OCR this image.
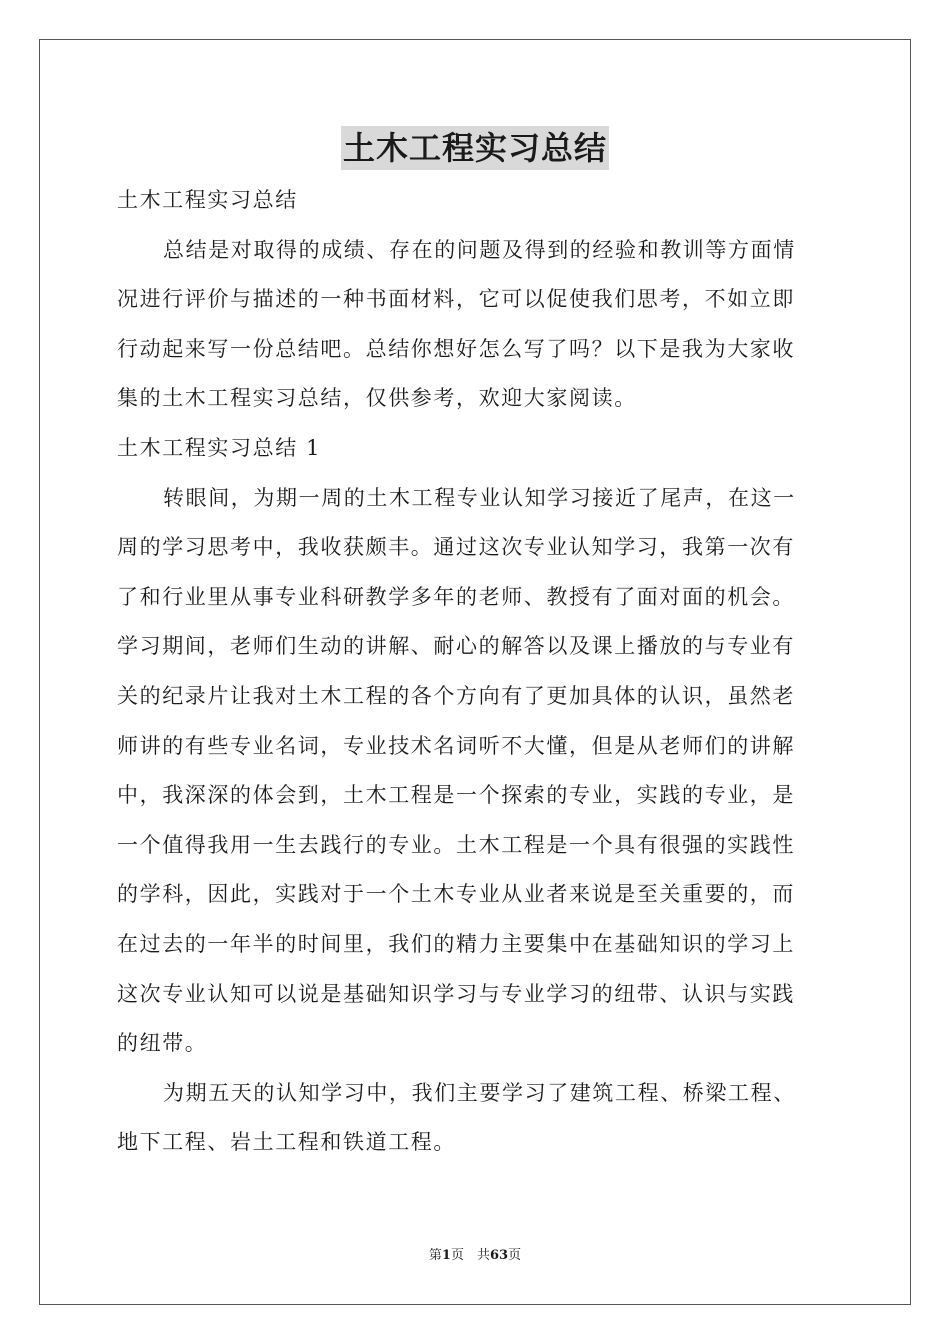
土木工程实习总结
土木工程实习总结
总结是对取得的成绩、存在的问题及得到的经验和教训等方面情
况进行评价与描述的一种书面材料，它可以促使我们思考，不如立即
行动起来写一份总结吧。总结你想好怎么写了吗？以下是我为大家收
集的土木工程实习总结，仅供参考，欢迎大家阅读。
土木工程实习总结 1
转眼间，为期一周的土木工程专业认知学习接近了尾声，在这一
周的学习思考中，我收获颇丰。通过这次专业认知学习，我第一次有
了和行业里从事专业科研教学多年的老师、教授有了面对面的机会。
学习期间，老师们生动的讲解、耐心的解答以及课上播放的与专业有
关的纪录片让我对土木工程的各个方向有了更加具体的认识，虽然老
师讲的有些专业名词，专业技术名词听不大懂，但是从老师们的讲解
中，我深深的体会到，土木工程是一个探索的专业，实践的专业，是
一个值得我用一生去践行的专业。土木工程是一个具有很强的实践性
的学科，因此，实践对于一个土木专业从业者来说是至关重要的，而
在过去的一年半的时间里，我们的精力主要集中在基础知识的学习上
这次专业认知可以说是基础知识学习与专业学习的纽带、认识与实践
的纽带。
为期五天的认知学习中，我们主要学习了建筑工程、桥梁工程、
地下工程、岩土工程和铁道工程。
第1页　共63页
